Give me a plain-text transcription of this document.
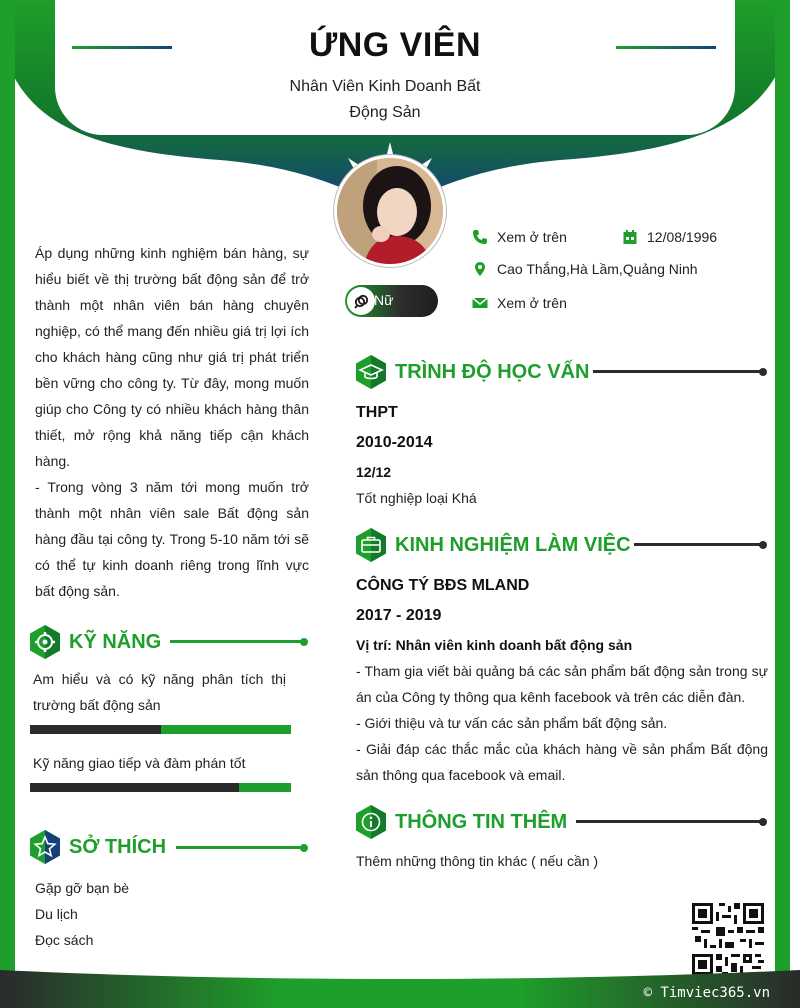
ỨNG VIÊN
Nhân Viên Kinh Doanh Bất
Động Sản
Nữ
Xem ở trên	12/08/1996
Cao Thắng,Hà Lầm,Quảng Ninh
Xem ở trên

Áp dụng những kinh nghiệm bán hàng, sự hiểu biết về thị trường bất động sản để trở thành một nhân viên bán hàng chuyên nghiệp, có thể mang đến nhiều giá trị lợi ích cho khách hàng cũng như giá trị phát triển bền vững cho công ty. Từ đây, mong muốn giúp cho Công ty có nhiều khách hàng thân thiết, mở rộng khả năng tiếp cận khách hàng.

- Trong vòng 3 năm tới mong muốn trở thành một nhân viên sale Bất động sản hàng đầu tại công ty. Trong 5-10 năm tới sẽ có thể tự kinh doanh riêng trong lĩnh vực bất động sản.

KỸ NĂNG
Am hiểu và có kỹ năng phân tích thị trường bất động sản
Kỹ năng giao tiếp và đàm phán tốt
SỞ THÍCH
Gặp gỡ bạn bè
Du lịch
Đọc sách
TRÌNH ĐỘ HỌC VẤN
THPT
2010-2014
12/12
Tốt nghiệp loại Khá
KINH NGHIỆM LÀM VIỆC
CÔNG TÝ BĐS MLAND
2017 - 2019
Vị trí: Nhân viên kinh doanh bất động sản

- Tham gia viết bài quảng bá các sản phẩm bất động sản trong sự án của Công ty thông qua kênh facebook và trên các diễn đàn.

- Giới thiệu và tư vấn các sản phẩm bất động sản.

- Giải đáp các thắc mắc của khách hàng về sản phẩm Bất động sản thông qua facebook và email.

THÔNG TIN THÊM
Thêm những thông tin khác ( nếu cần )
© Timviec365.vn
